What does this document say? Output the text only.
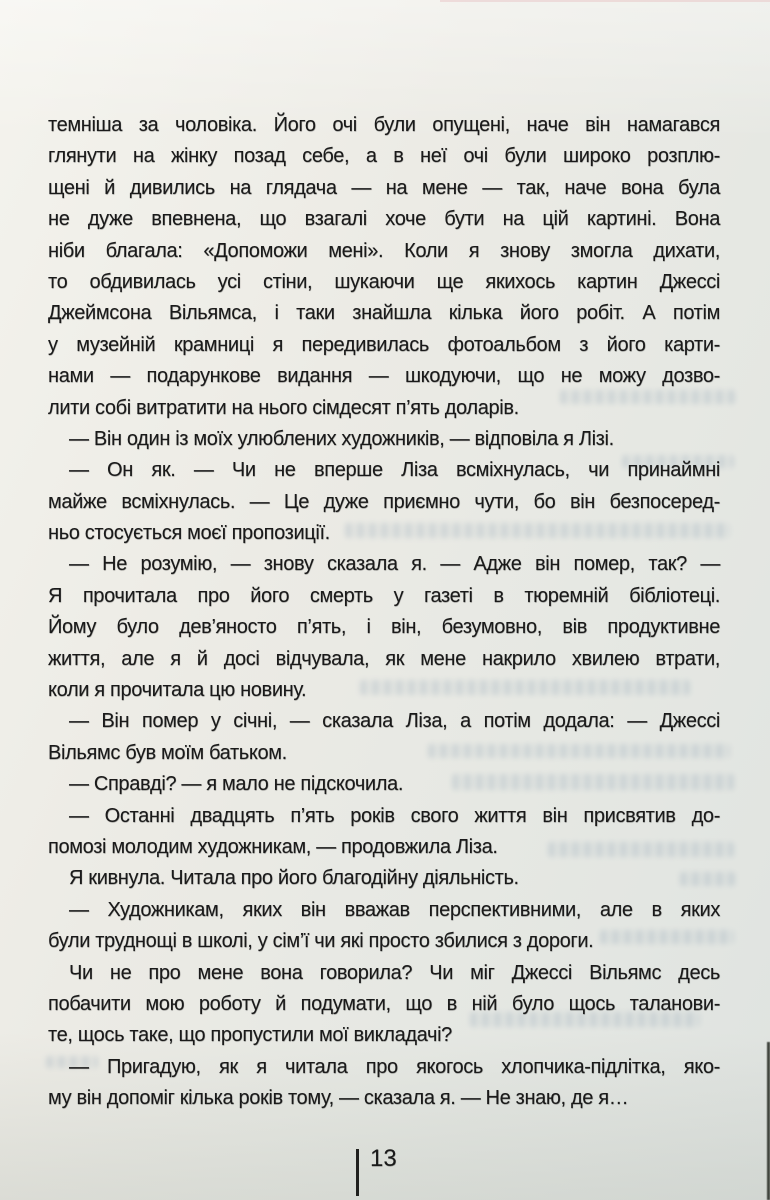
темніша за чоловіка. Його очі були опущені, наче він намагався
глянути на жінку позад себе, а в неї очі були широко розплю-
щені й дивились на глядача — на мене — так, наче вона була
не дуже впевнена, що взагалі хоче бути на цій картині. Вона
ніби благала: «Допоможи мені». Коли я знову змогла дихати,
то обдивилась усі стіни, шукаючи ще якихось картин Джессі
Джеймсона Вільямса, і таки знайшла кілька його робіт. А потім
у музейній крамниці я передивилась фотоальбом з його карти-
нами — подарункове видання — шкодуючи, що не можу дозво-
лити собі витратити на нього сімдесят п’ять доларів.
— Він один із моїх улюблених художників, — відповіла я Лізі.
— Он як. — Чи не вперше Ліза всміхнулась, чи принаймні
майже всміхнулась. — Це дуже приємно чути, бо він безпосеред-
ньо стосується моєї пропозиції.
— Не розумію, — знову сказала я. — Адже він помер, так? —
Я прочитала про його смерть у газеті в тюремній бібліотеці.
Йому було дев’яносто п’ять, і він, безумовно, вів продуктивне
життя, але я й досі відчувала, як мене накрило хвилею втрати,
коли я прочитала цю новину.
— Він помер у січні, — сказала Ліза, а потім додала: — Джессі
Вільямс був моїм батьком.
— Справді? — я мало не підскочила.
— Останні двадцять п’ять років свого життя він присвятив до-
помозі молодим художникам, — продовжила Ліза.
Я кивнула. Читала про його благодійну діяльність.
— Художникам, яких він вважав перспективними, але в яких
були труднощі в школі, у сім’ї чи які просто збилися з дороги.
Чи не про мене вона говорила? Чи міг Джессі Вільямс десь
побачити мою роботу й подумати, що в ній було щось таланови-
те, щось таке, що пропустили мої викладачі?
— Пригадую, як я читала про якогось хлопчика-підлітка, яко-
му він допоміг кілька років тому, — сказала я. — Не знаю, де я…
13
